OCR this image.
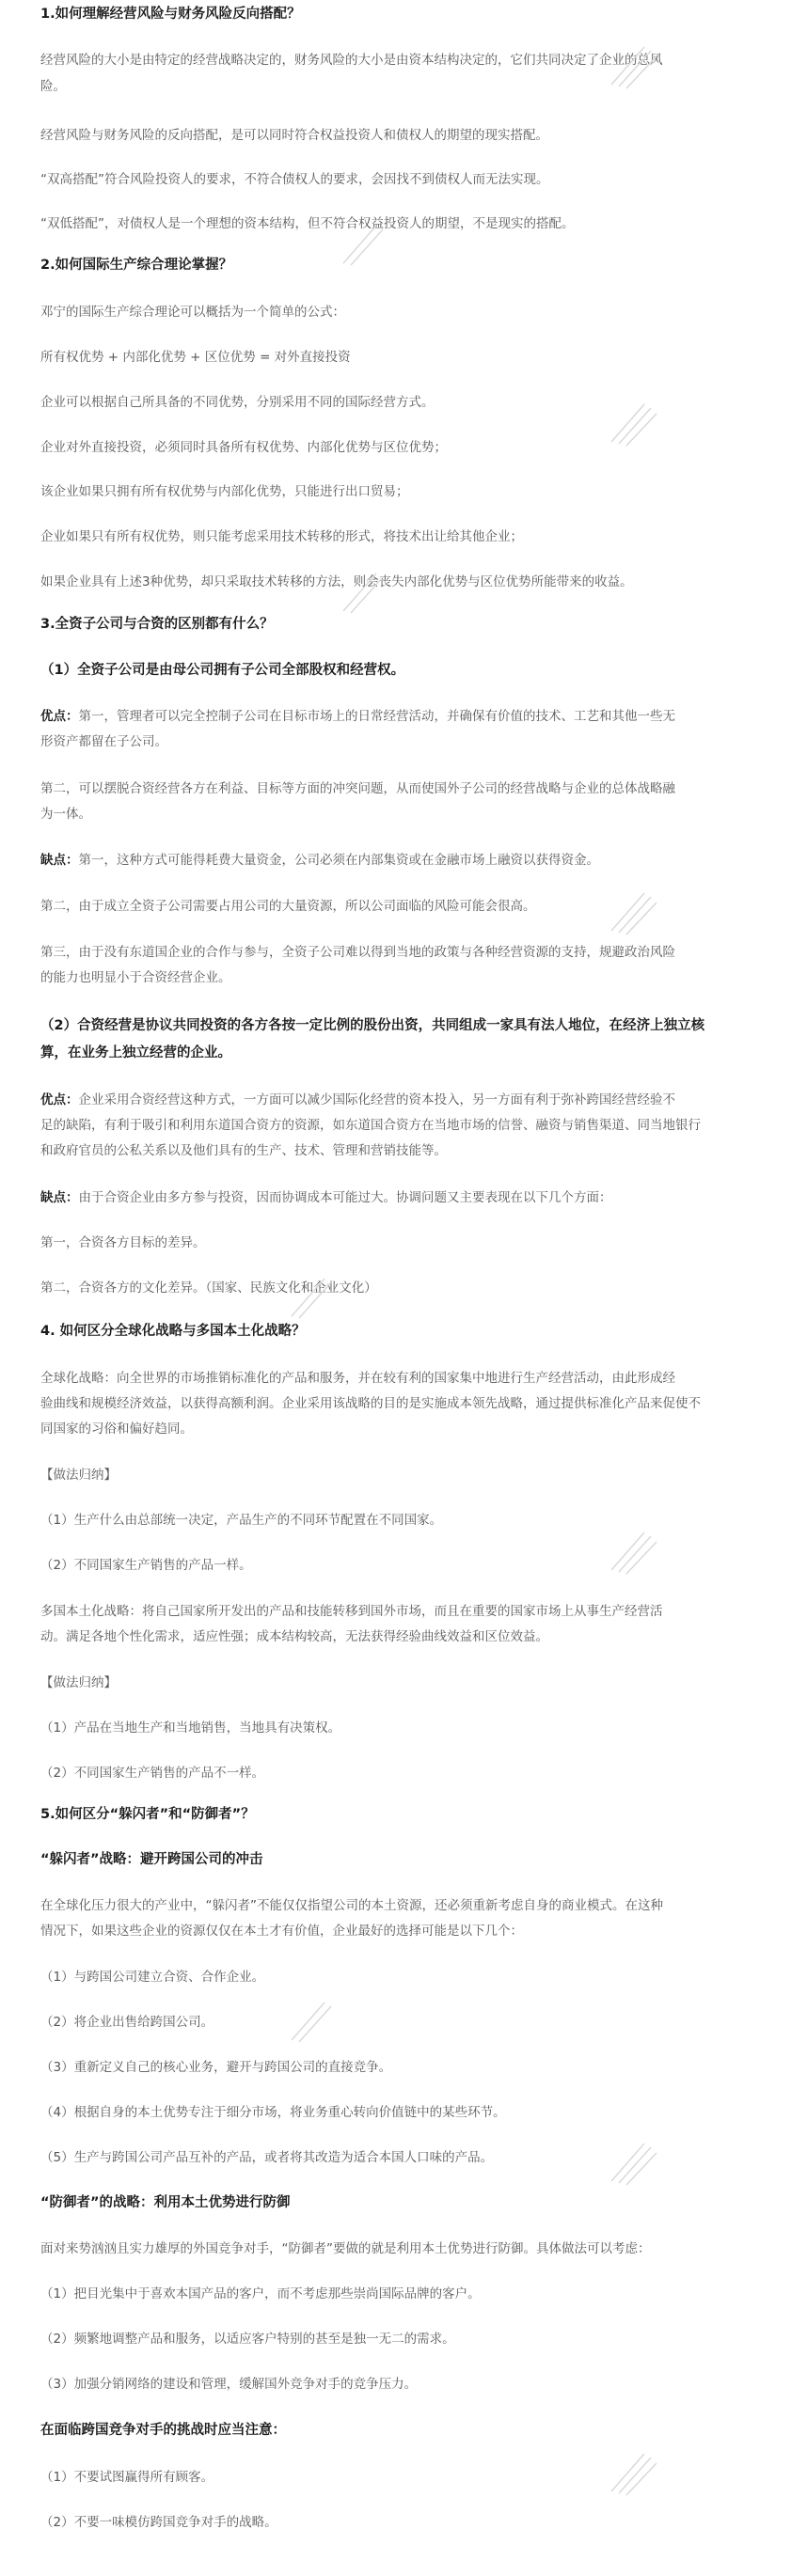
1.如何理解经营风险与财务风险反向搭配？
经营风险的大小是由特定的经营战略决定的，财务风险的大小是由资本结构决定的，它们共同决定了企业的总风
险。
经营风险与财务风险的反向搭配，是可以同时符合权益投资人和债权人的期望的现实搭配。
“双高搭配”符合风险投资人的要求，不符合债权人的要求，会因找不到债权人而无法实现。
“双低搭配”，对债权人是一个理想的资本结构，但不符合权益投资人的期望，不是现实的搭配。
2.如何国际生产综合理论掌握？
邓宁的国际生产综合理论可以概括为一个简单的公式：
所有权优势 + 内部化优势 + 区位优势 = 对外直接投资
企业可以根据自己所具备的不同优势，分别采用不同的国际经营方式。
企业对外直接投资，必须同时具备所有权优势、内部化优势与区位优势；
该企业如果只拥有所有权优势与内部化优势，只能进行出口贸易；
企业如果只有所有权优势，则只能考虑采用技术转移的形式，将技术出让给其他企业；
如果企业具有上述3种优势，却只采取技术转移的方法，则会丧失内部化优势与区位优势所能带来的收益。
3.全资子公司与合资的区别都有什么？
（1）全资子公司是由母公司拥有子公司全部股权和经营权。
优点：第一，管理者可以完全控制子公司在目标市场上的日常经营活动，并确保有价值的技术、工艺和其他一些无
形资产都留在子公司。
第二，可以摆脱合资经营各方在利益、目标等方面的冲突问题，从而使国外子公司的经营战略与企业的总体战略融
为一体。
缺点：第一，这种方式可能得耗费大量资金，公司必须在内部集资或在金融市场上融资以获得资金。
第二，由于成立全资子公司需要占用公司的大量资源，所以公司面临的风险可能会很高。
第三，由于没有东道国企业的合作与参与，全资子公司难以得到当地的政策与各种经营资源的支持，规避政治风险
的能力也明显小于合资经营企业。
（2）合资经营是协议共同投资的各方各按一定比例的股份出资，共同组成一家具有法人地位，在经济上独立核
算，在业务上独立经营的企业。
优点：企业采用合资经营这种方式，一方面可以减少国际化经营的资本投入，另一方面有利于弥补跨国经营经验不
足的缺陷，有利于吸引和利用东道国合资方的资源，如东道国合资方在当地市场的信誉、融资与销售渠道、同当地银行
和政府官员的公私关系以及他们具有的生产、技术、管理和营销技能等。
缺点：由于合资企业由多方参与投资，因而协调成本可能过大。协调问题又主要表现在以下几个方面：
第一，合资各方目标的差异。
第二，合资各方的文化差异。（国家、民族文化和企业文化）
4. 如何区分全球化战略与多国本土化战略？
全球化战略：向全世界的市场推销标准化的产品和服务，并在较有利的国家集中地进行生产经营活动，由此形成经
验曲线和规模经济效益，以获得高额利润。企业采用该战略的目的是实施成本领先战略，通过提供标准化产品来促使不
同国家的习俗和偏好趋同。
【做法归纳】
（1）生产什么由总部统一决定，产品生产的不同环节配置在不同国家。
（2）不同国家生产销售的产品一样。
多国本土化战略：将自己国家所开发出的产品和技能转移到国外市场，而且在重要的国家市场上从事生产经营活
动。满足各地个性化需求，适应性强；成本结构较高，无法获得经验曲线效益和区位效益。
【做法归纳】
（1）产品在当地生产和当地销售，当地具有决策权。
（2）不同国家生产销售的产品不一样。
5.如何区分“躲闪者”和“防御者”？
“躲闪者”战略：避开跨国公司的冲击
在全球化压力很大的产业中，“躲闪者”不能仅仅指望公司的本土资源，还必须重新考虑自身的商业模式。在这种
情况下，如果这些企业的资源仅仅在本土才有价值，企业最好的选择可能是以下几个：
（1）与跨国公司建立合资、合作企业。
（2）将企业出售给跨国公司。
（3）重新定义自己的核心业务，避开与跨国公司的直接竞争。
（4）根据自身的本土优势专注于细分市场，将业务重心转向价值链中的某些环节。
（5）生产与跨国公司产品互补的产品，或者将其改造为适合本国人口味的产品。
“防御者”的战略：利用本土优势进行防御
面对来势汹汹且实力雄厚的外国竞争对手，“防御者”要做的就是利用本土优势进行防御。具体做法可以考虑：
（1）把目光集中于喜欢本国产品的客户，而不考虑那些崇尚国际品牌的客户。
（2）频繁地调整产品和服务，以适应客户特别的甚至是独一无二的需求。
（3）加强分销网络的建设和管理，缓解国外竞争对手的竞争压力。
在面临跨国竞争对手的挑战时应当注意：
（1）不要试图赢得所有顾客。
（2）不要一味模仿跨国竞争对手的战略。
